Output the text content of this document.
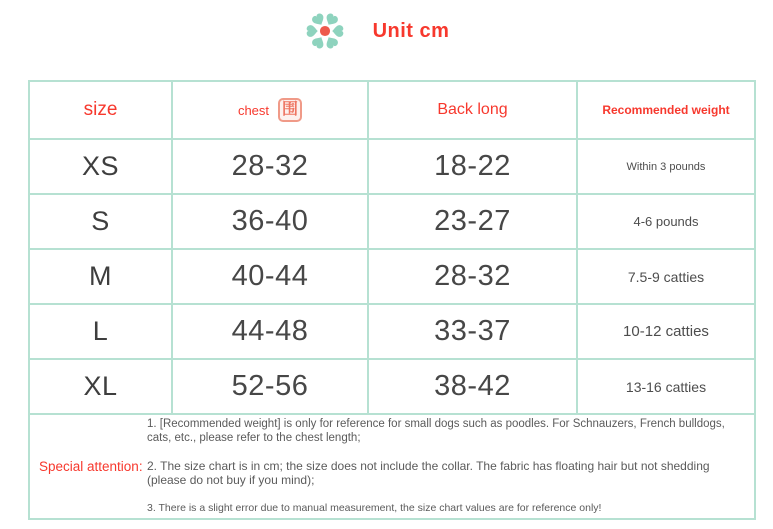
Unit cm
size	chest 围	Back long	Recommended weight
XS	28-32	18-22	Within 3 pounds
S	36-40	23-27	4-6 pounds
M	40-44	28-32	7.5-9 catties
L	44-48	33-37	10-12 catties
XL	52-56	38-42	13-16 catties

Special attention:
1. [Recommended weight] is only for reference for small dogs such as poodles. For Schnauzers, French bulldogs, cats, etc., please refer to the chest length;
2. The size chart is in cm; the size does not include the collar. The fabric has floating hair but not shedding (please do not buy if you mind);
3. There is a slight error due to manual measurement, the size chart values are for reference only!			
